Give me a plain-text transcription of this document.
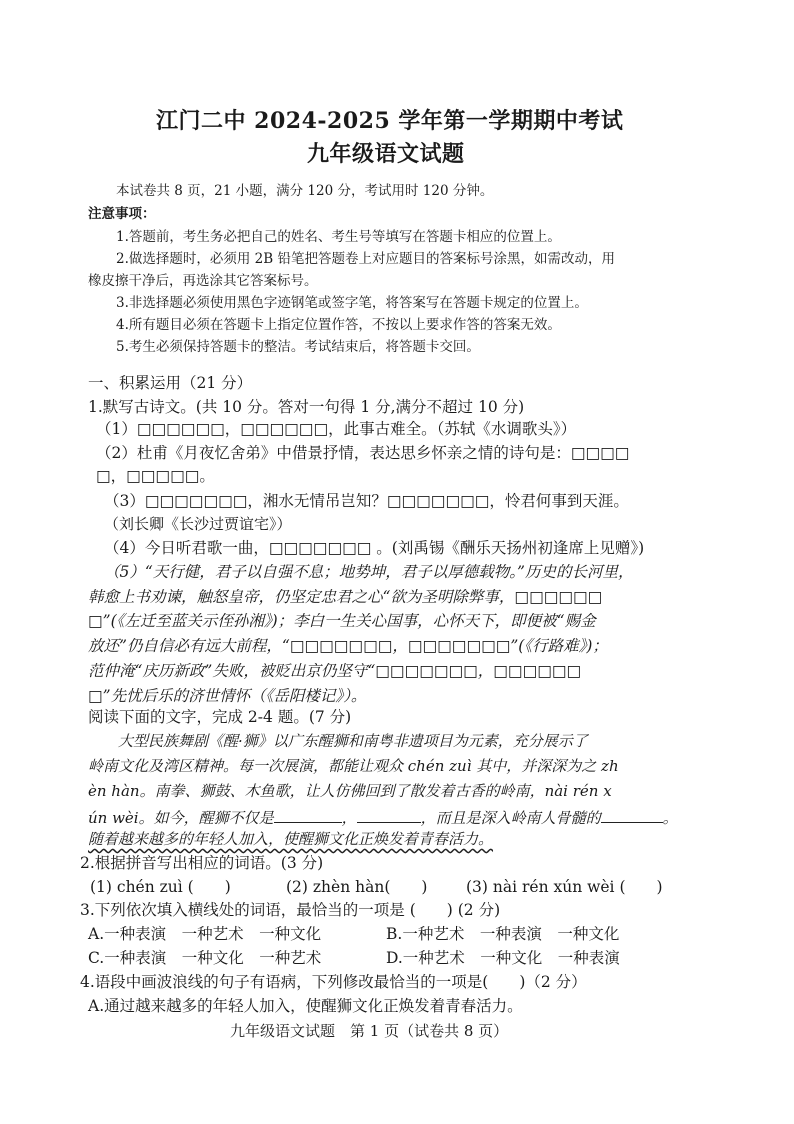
江门二中 2024-2025 学年第一学期期中考试
九年级语文试题
本试卷共 8 页，21 小题，满分 120 分，考试用时 120 分钟。
注意事项：
1.答题前，考生务必把自己的姓名、考生号等填写在答题卡相应的位置上。
2.做选择题时，必须用 2B 铅笔把答题卷上对应题目的答案标号涂黑，如需改动，用
橡皮擦干净后，再选涂其它答案标号。
3.非选择题必须使用黑色字迹钢笔或签字笔，将答案写在答题卡规定的位置上。
4.所有题目必须在答题卡上指定位置作答，不按以上要求作答的答案无效。
5.考生必须保持答题卡的整洁。考试结束后，将答题卡交回。
一、积累运用（21 分）
1.默写古诗文。(共 10 分。答对一句得 1 分,满分不超过 10 分)
（1）□□□□□□，□□□□□□，此事古难全。（苏轼《水调歌头》）
（2）杜甫《月夜忆舍弟》中借景抒情，表达思乡怀亲之情的诗句是：□□□□
□，□□□□□。
（3）□□□□□□□，湘水无情吊岂知？□□□□□□□，怜君何事到天涯。
（刘长卿《长沙过贾谊宅》）
（4）今日听君歌一曲，□□□□□□□ 。(刘禹锡《酬乐天扬州初逢席上见赠》)
（5）“天行健，君子以自强不息；地势坤，君子以厚德载物。”历史的长河里，
韩愈上书劝谏，触怒皇帝，仍坚定忠君之心“欲为圣明除弊事，□□□□□□
□”(《左迁至蓝关示侄孙湘》)；李白一生关心国事，心怀天下，即便被“赐金
放还”仍自信必有远大前程，“□□□□□□□，□□□□□□□”(《行路难》)；
范仲淹“庆历新政”失败，被贬出京仍坚守“□□□□□□□，□□□□□□
□”先忧后乐的济世情怀（《岳阳楼记》）。
阅读下面的文字，完成 2-4 题。(7 分)
大型民族舞剧《醒·狮》以广东醒狮和南粤非遗项目为元素，充分展示了
岭南文化及湾区精神。每一次展演，都能让观众 chén zuì 其中，并深深为之 zh
èn hàn。南拳、狮鼓、木鱼歌，让人仿佛回到了散发着古香的岭南，nài rén x
ún wèi。如今，醒狮不仅是	，	，而且是深入岭南人骨髓的	。
随着越来越多的年轻人加入，使醒狮文化正焕发着青春活力。
2.根据拼音写出相应的词语。(3 分)
(1) chén zuì (　　)	(2) zhèn hàn(　　) (3) nài rén xún wèi (　　)
3.下列依次填入横线处的词语，最恰当的一项是 (　　) (2 分)
A.一种表演　一种艺术　一种文化	B.一种艺术　一种表演　一种文化
C.一种表演　一种文化　一种艺术	D.一种艺术　一种文化　一种表演
4.语段中画波浪线的句子有语病，下列修改最恰当的一项是(　　)（2 分）
A.通过越来越多的年轻人加入，使醒狮文化正焕发着青春活力。
九年级语文试题　第 1 页（试卷共 8 页）
